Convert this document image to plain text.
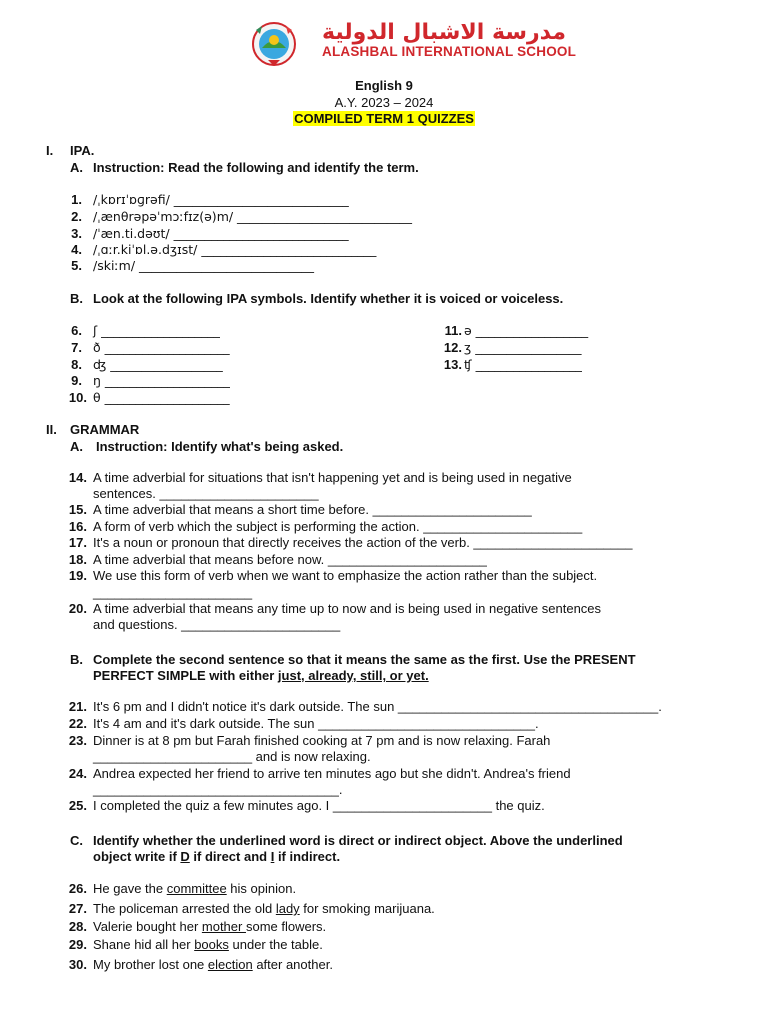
مدرسة الاشبال الدولية
ALASHBAL INTERNATIONAL SCHOOL
English 9
A.Y. 2023 – 2024
COMPILED TERM 1 QUIZZES
I. IPA.
A. Instruction: Read the following and identify the term.
1. /ˌkɒrɪˈɒɡrəfi/ ____________________________
2. /ˌænθrəpəˈmɔːfɪz(ə)m/ ____________________________
3. /ˈæn.ti.dəʊt/ ____________________________
4. /ˌɑːr.kiˈɒl.ə.dʒɪst/ ____________________________
5. /skiːm/ ____________________________
B. Look at the following IPA symbols. Identify whether it is voiced or voiceless.
6. ʃ ___________________
7. ð ____________________
8. ʤ __________________
9. ŋ ____________________
10. θ ____________________
11. ə __________________
12. ʒ _________________
13. ʧ _________________
II. GRAMMAR
A. Instruction: Identify what's being asked.
14. A time adverbial for situations that isn't happening yet and is being used in negative
sentences. ______________________
15. A time adverbial that means a short time before. ______________________
16. A form of verb which the subject is performing the action. ______________________
17. It's a noun or pronoun that directly receives the action of the verb. ______________________
18. A time adverbial that means before now. ______________________
19. We use this form of verb when we want to emphasize the action rather than the subject.
______________________
20. A time adverbial that means any time up to now and is being used in negative sentences
and questions. ______________________
B. Complete the second sentence so that it means the same as the first. Use the PRESENT
PERFECT SIMPLE with either just, already, still, or yet.
21. It's 6 pm and I didn't notice it's dark outside. The sun ____________________________________.
22. It's 4 am and it's dark outside. The sun ______________________________.
23. Dinner is at 8 pm but Farah finished cooking at 7 pm and is now relaxing. Farah
______________________ and is now relaxing.
24. Andrea expected her friend to arrive ten minutes ago but she didn't. Andrea's friend
__________________________________.
25. I completed the quiz a few minutes ago. I ______________________ the quiz.
C. Identify whether the underlined word is direct or indirect object. Above the underlined
object write if D if direct and I if indirect.
26. He gave the committee his opinion.
27. The policeman arrested the old lady for smoking marijuana.
28. Valerie bought her mother some flowers.
29. Shane hid all her books under the table.
30. My brother lost one election after another.
